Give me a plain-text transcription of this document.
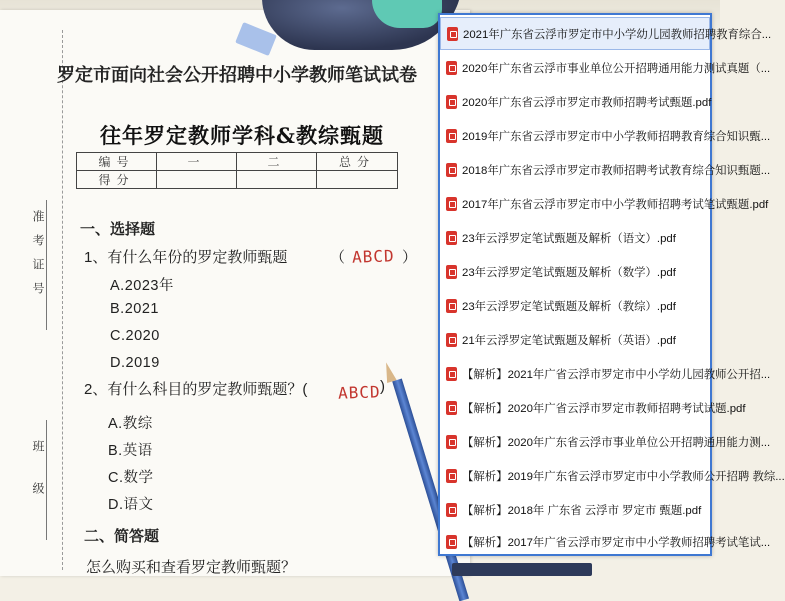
准考证号
班级
罗定市面向社会公开招聘中小学教师笔试试卷
往年罗定教师学科&教综甄题
编号	一	二	总分
得分			
一、选择题
1、有什么年份的罗定教师甄题	（ ABCD ）
A.2023年
B.2021
C.2020
D.2019
2、有什么科目的罗定教师甄题？( ABCD )
A.教综
B.英语
C.数学
D.语文
二、简答题
怎么购买和查看罗定教师甄题？
2021年广东省云浮市罗定市中小学幼儿园教师招聘教育综合...
2020年广东省云浮市事业单位公开招聘通用能力测试真题（...
2020年广东省云浮市罗定市教师招聘考试甄题.pdf
2019年广东省云浮市罗定市中小学教师招聘教育综合知识甄...
2018年广东省云浮市罗定市教师招聘考试教育综合知识甄题...
2017年广东省云浮市罗定市中小学教师招聘考试笔试甄题.pdf
23年云浮罗定笔试甄题及解析（语文）.pdf
23年云浮罗定笔试甄题及解析（数学）.pdf
23年云浮罗定笔试甄题及解析（教综）.pdf
21年云浮罗定笔试甄题及解析（英语）.pdf
【解析】2021年广省云浮市罗定市中小学幼儿园教师公开招...
【解析】2020年广省云浮市罗定市教师招聘考试试题.pdf
【解析】2020年广东省云浮市事业单位公开招聘通用能力测...
【解析】2019年广东省云浮市罗定市中小学教师公开招聘 教综...
【解析】2018年 广东省 云浮市 罗定市 甄题.pdf
【解析】2017年广省云浮市罗定市中小学教师招聘考试笔试...
